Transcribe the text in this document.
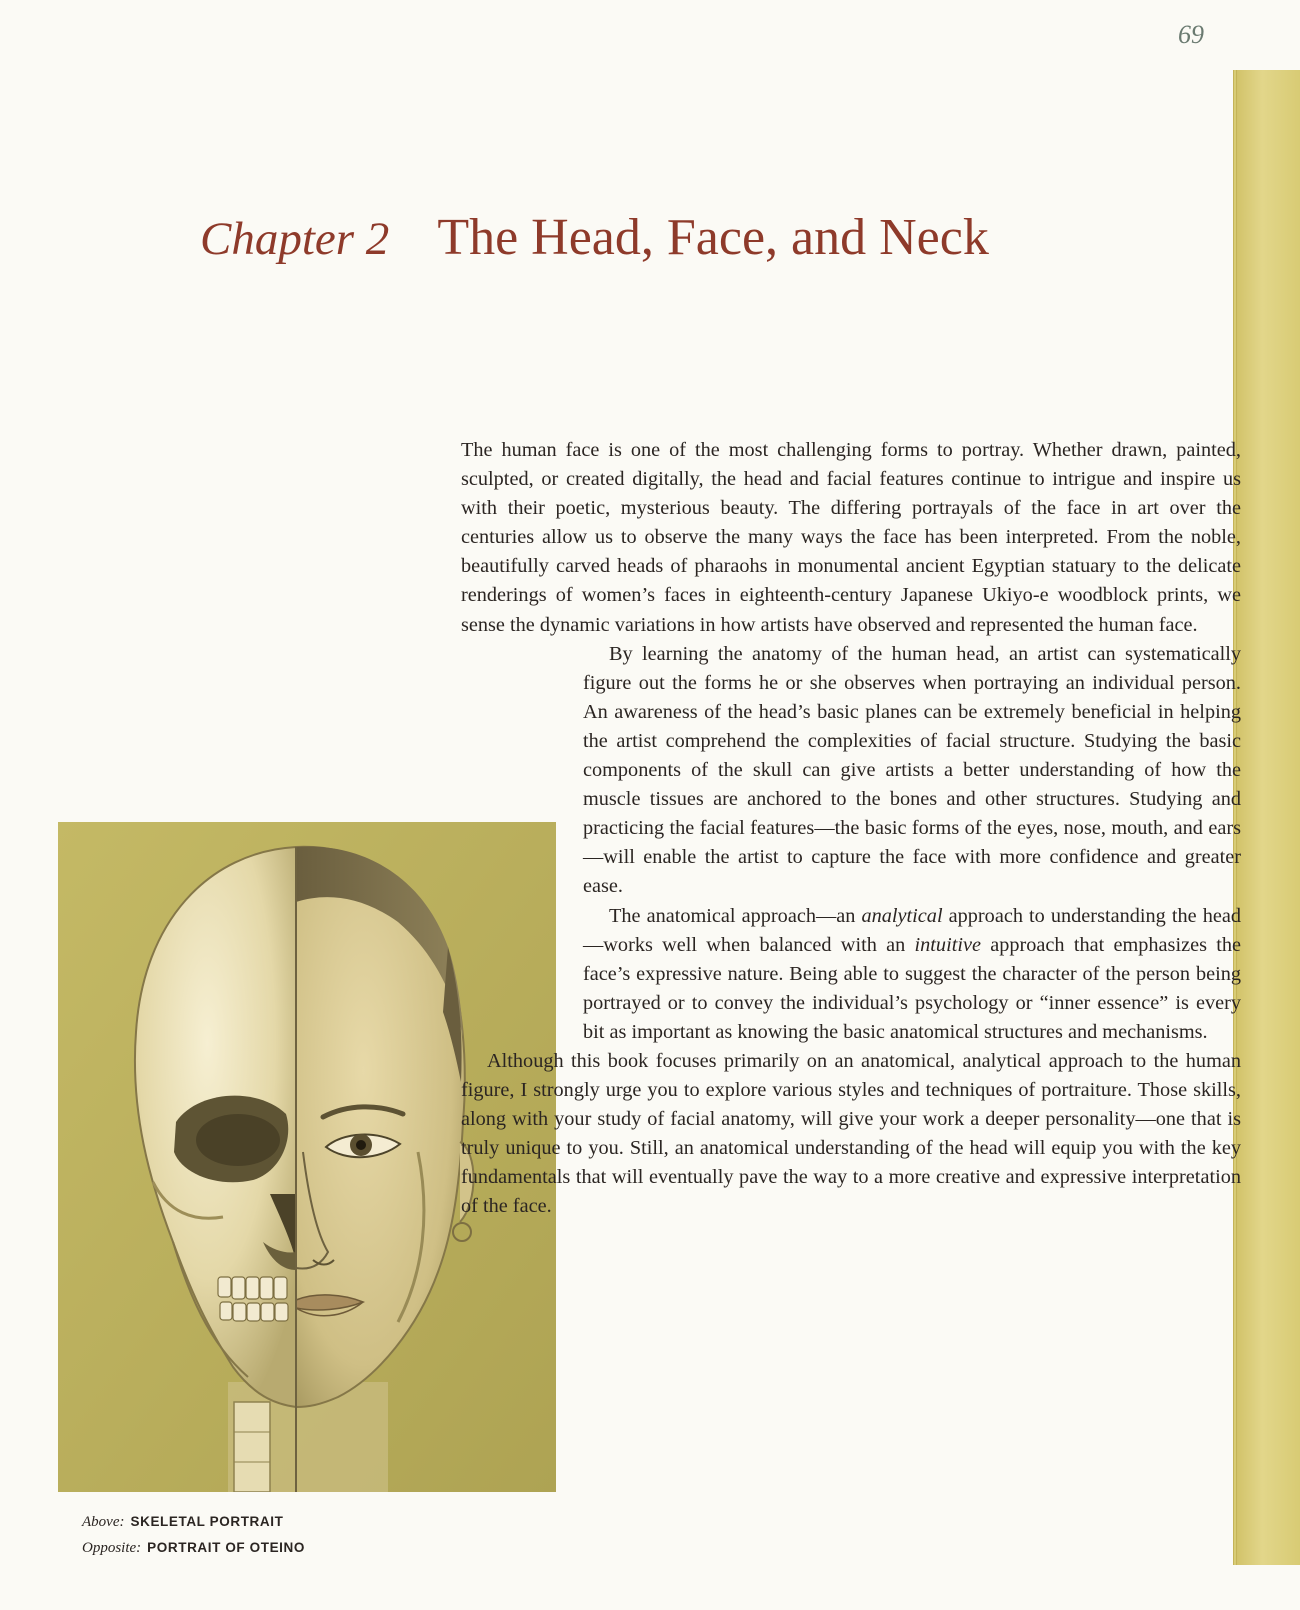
69
Chapter 2 The Head, Face, and Neck

The human face is one of the most challenging forms to portray. Whether drawn, painted, sculpted, or created digitally, the head and facial features continue to intrigue and inspire us with their poetic, mysterious beauty. The differing portrayals of the face in art over the centuries allow us to observe the many ways the face has been interpreted. From the noble, beautifully carved heads of pharaohs in monumental ancient Egyptian statuary to the delicate renderings of women’s faces in eighteenth-century Japanese Ukiyo-e woodblock prints, we sense the dynamic variations in how artists have observed and represented the human face.

By learning the anatomy of the human head, an artist can systematically figure out the forms he or she observes when portraying an individual person. An awareness of the head’s basic planes can be extremely beneficial in helping the artist comprehend the complexities of facial structure. Studying the basic components of the skull can give artists a better understanding of how the muscle tissues are anchored to the bones and other structures. Studying and practicing the facial features—the basic forms of the eyes, nose, mouth, and ears—will enable the artist to capture the face with more confidence and greater ease.

The anatomical approach—an analytical approach to understanding the head—works well when balanced with an intuitive approach that emphasizes the face’s expressive nature. Being able to suggest the character of the person being portrayed or to convey the individual’s psychology or “inner essence” is every bit as important as knowing the basic anatomical structures and mechanisms.

Although this book focuses primarily on an anatomical, analytical approach to the human figure, I strongly urge you to explore various styles and techniques of portraiture. Those skills, along with your study of facial anatomy, will give your work a deeper personality—one that is truly unique to you. Still, an anatomical understanding of the head will equip you with the key fundamentals that will eventually pave the way to a more creative and expressive interpretation of the face.

Above: SKELETAL PORTRAIT
Opposite: PORTRAIT OF OTEINO
